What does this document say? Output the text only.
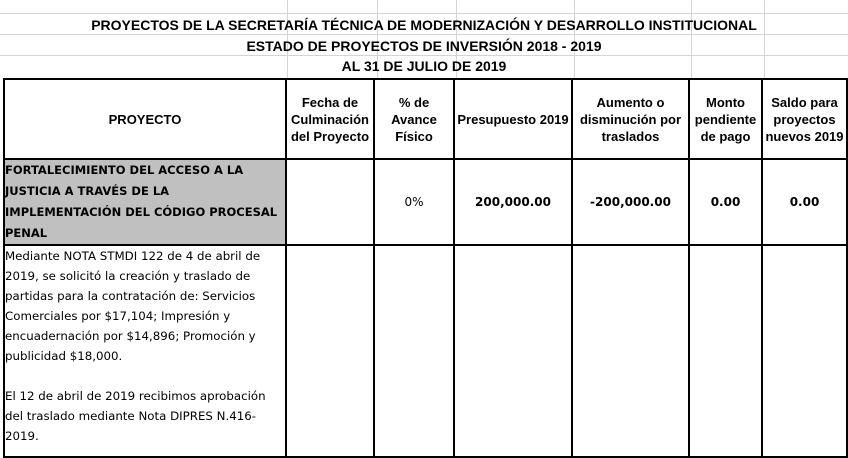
PROYECTOS DE LA SECRETARÍA TÉCNICA DE MODERNIZACIÓN Y DESARROLLO INSTITUCIONAL
ESTADO DE PROYECTOS DE INVERSIÓN 2018 - 2019
AL 31 DE JULIO DE 2019
PROYECTO	Fecha de Culminación del Proyecto	% de Avance Físico	Presupuesto 2019	Aumento o disminución por traslados	Monto pendiente de pago	Saldo para proyectos nuevos 2019
FORTALECIMIENTO DEL ACCESO A LA JUSTICIA A TRAVÉS DE LA IMPLEMENTACIÓN DEL CÓDIGO PROCESAL PENAL		0%	200,000.00	-200,000.00	0.00	0.00

Mediante NOTA STMDI 122 de 4 de abril de 2019, se solicitó la creación y traslado de partidas para la contratación de: Servicios Comerciales por $17,104; Impresión y encuadernación por $14,896; Promoción y publicidad $18,000.

El 12 de abril de 2019 recibimos aprobación del traslado mediante Nota DIPRES N.416-2019.						
